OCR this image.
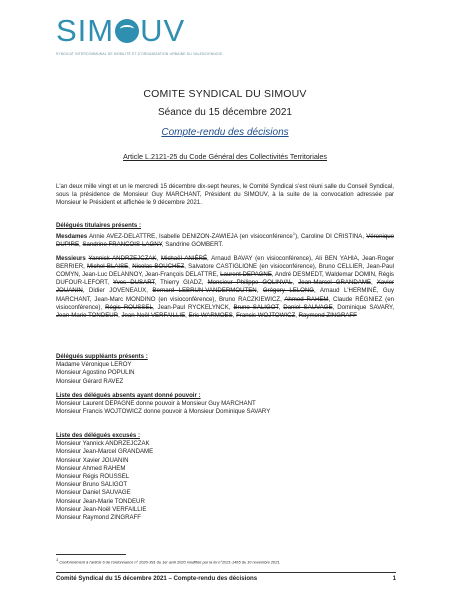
SIM UV
SYNDICAT INTERCOMMUNAL DE MOBILITÉ ET D'ORGANISATION URBAINE DU VALENCIENNOIS
COMITE SYNDICAL DU SIMOUV
Séance du 15 décembre 2021
Compte-rendu des décisions
Article L.2121-25 du Code Général des Collectivités Territoriales
L'an deux mille vingt et un le mercredi 15 décembre dix-sept heures, le Comité Syndical s'est réuni salle du Conseil Syndical, sous la présidence de Monsieur Guy MARCHANT, Président du SIMOUV, à la suite de la convocation adressée par Monsieur le Président et affichée le 9 décembre 2021.
Délégués titulaires présents :
Mesdames Annie AVEZ-DELATTRE, Isabelle DENIZON-ZAWIEJA (en visioconférence$^1$), Caroline DI CRISTINA, Véronique DUPIRE, Sandrine FRANCOIS-LAGNY, Sandrine GOMBERT.
Messieurs Yannick ANDRZEJCZAK, Michaël ANIÉRÉ, Arnaud BAVAY (en visioconférence), Ali BEN YAHIA, Jean-Roger BERRIER, Michel BLAISE, Nicolas BOUCHEZ, Salvatore CASTIGLIONE (en visioconférence), Bruno CELLIER, Jean-Paul COMYN, Jean-Luc DELANNOY, Jean-François DELATTRE, Laurent DEPAGNE, André DESMEDT, Waldemar DOMIN, Régis DUFOUR-LEFORT, Yves DUSART, Thierry GIADZ, Monsieur Philippe GOLINVAL, Jean-Marcel GRANDAME, Xavier JOUANIN, Didier JOVENEAUX, Bernard LEBRUN-VANDERMOUTEN, Grégory LELONG, Arnaud L'HERMINÉ, Guy MARCHANT, Jean-Marc MONDINO (en visioconférence), Bruno RACZKIEWICZ, Ahmed RAHEM, Claude RÉGNIEZ (en visioconférence), Régis ROUSSEL, Jean-Paul RYCKELYNCK, Bruno SALIGOT, Daniel SAUVAGE, Dominique SAVARY, Jean-Marie TONDEUR, Jean-Noël VERFAILLIE, Eric WARMOES, Francis WOJTOWICZ, Raymond ZINGRAFF
Délégués suppléants présents :
Madame Véronique LEROY
Monsieur Agostino POPULIN
Monsieur Gérard RAVEZ
Liste des délégués absents ayant donné pouvoir :
Monsieur Laurent DEPAGNE donne pouvoir à Monsieur Guy MARCHANT
Monsieur Francis WOJTOWICZ donne pouvoir à Monsieur Dominique SAVARY
Liste des délégués excusés :
Monsieur Yannick ANDRZEJCZAK
Monsieur Jean-Marcel GRANDAME
Monsieur Xavier JOUANIN
Monsieur Ahmed RAHEM
Monsieur Régis ROUSSEL
Monsieur Bruno SALIGOT
Monsieur Daniel SAUVAGE
Monsieur Jean-Marie TONDEUR
Monsieur Jean-Noël VERFAILLIE
Monsieur Raymond ZINGRAFF
$^1$ Conformément à l'article 6 de l'ordonnance n° 2020-391 du 1er avril 2020 modifiée par la loi n°2021-1465 du 10 novembre 2021.
Comité Syndical du 15 décembre 2021 – Compte-rendu des décisions	1
